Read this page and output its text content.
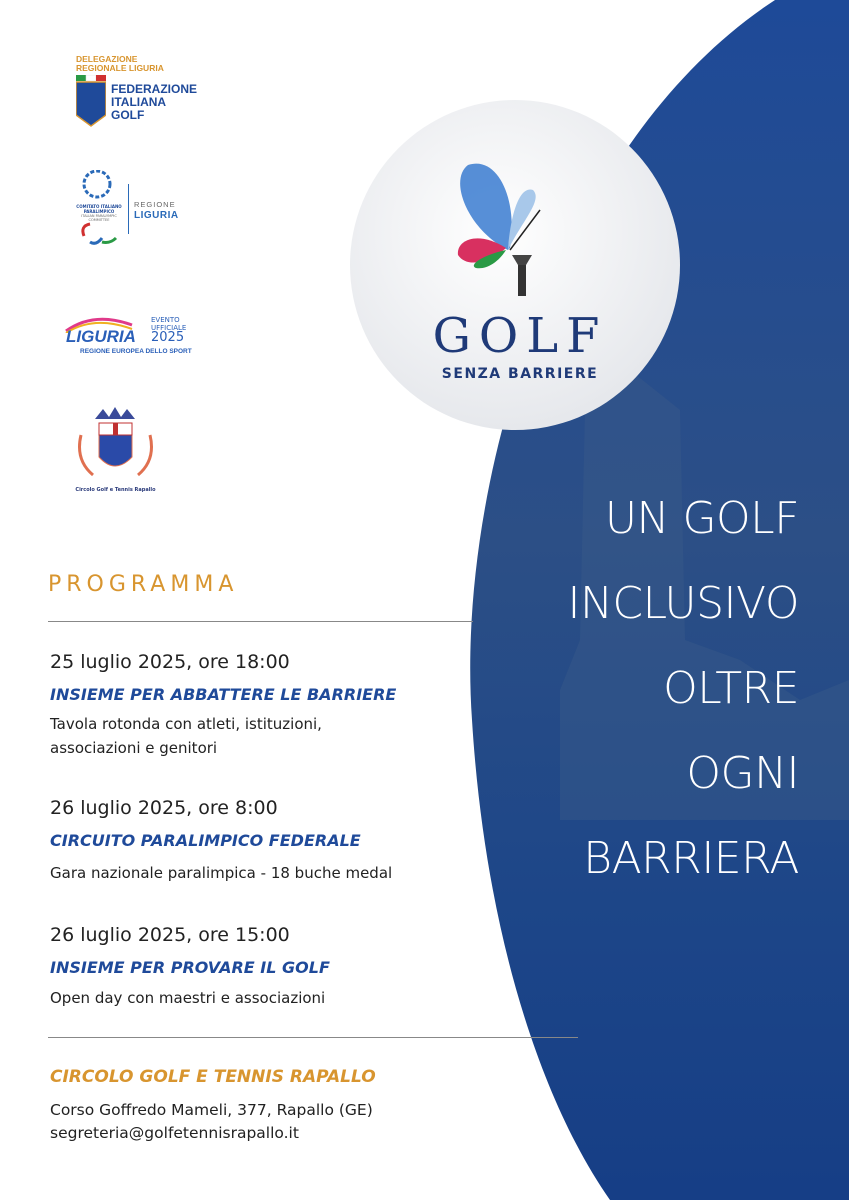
DELEGAZIONE REGIONALE LIGURIA
FEDERAZIONE
ITALIANA
GOLF
COMITATO ITALIANO PARALIMPICO
ITALIAN PARALYMPIC COMMITTEE
REGIONE
LIGURIA
LIGURIA
EVENTO UFFICIALE
2025
REGIONE EUROPEA DELLO SPORT
Circolo Golf e Tennis Rapallo
GOLF
SENZA BARRIERE
UN GOLF
INCLUSIVO
OLTRE
OGNI
BARRIERA
PROGRAMMA
25 luglio 2025, ore 18:00
INSIEME PER ABBATTERE LE BARRIERE
Tavola rotonda con atleti, istituzioni, associazioni e genitori
26 luglio 2025, ore 8:00
CIRCUITO PARALIMPICO FEDERALE
Gara nazionale paralimpica - 18 buche medal
26 luglio 2025, ore 15:00
INSIEME PER PROVARE IL GOLF
Open day con maestri e associazioni
CIRCOLO GOLF E TENNIS RAPALLO
Corso Goffredo Mameli, 377, Rapallo (GE)
segreteria@golfetennisrapallo.it
